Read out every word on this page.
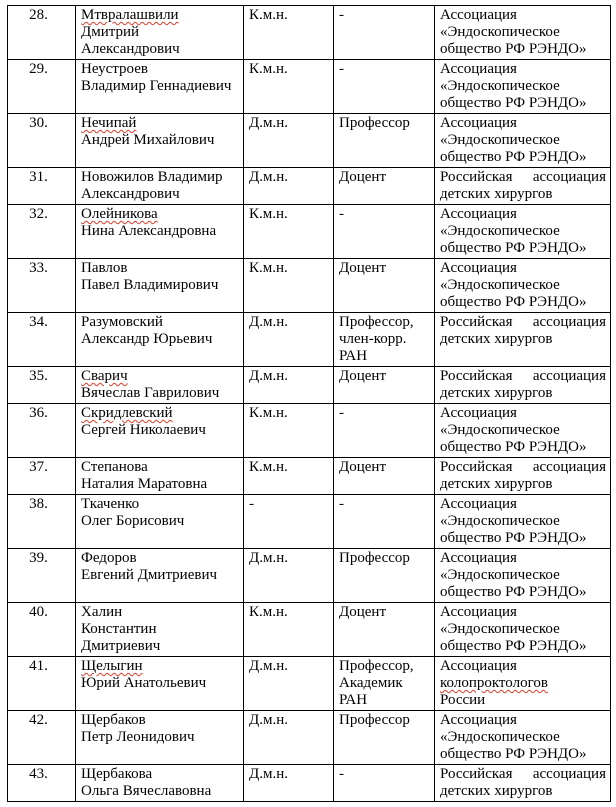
28.	Мтвралашвили
Дмитрий
Александрович	К.м.н.	-	Ассоциация
«Эндоскопическое
общество РФ РЭНДО»

29.	Неустроев
Владимир Геннадиевич	К.м.н.	-	Ассоциация
«Эндоскопическое
общество РФ РЭНДО»

30.	Нечипай
Андрей Михайлович	Д.м.н.	Профессор	Ассоциация
«Эндоскопическое
общество РФ РЭНДО»

31.	Новожилов Владимир
Александрович	Д.м.н.	Доцент	Российская ассоциация
детских хирургов

32.	Олейникова
Нина Александровна	К.м.н.	-	Ассоциация
«Эндоскопическое
общество РФ РЭНДО»

33.	Павлов
Павел Владимирович	К.м.н.	Доцент	Ассоциация
«Эндоскопическое
общество РФ РЭНДО»

34.	Разумовский
Александр Юрьевич	Д.м.н.	Профессор,
член-корр.
РАН	Российская ассоциация
детских хирургов

35.	Сварич
Вячеслав Гаврилович	Д.м.н.	Доцент	Российская ассоциация
детских хирургов

36.	Скридлевский
Сергей Николаевич	К.м.н.	-	Ассоциация
«Эндоскопическое
общество РФ РЭНДО»

37.	Степанова
Наталия Маратовна	К.м.н.	Доцент	Российская ассоциация
детских хирургов

38.	Ткаченко
Олег Борисович	-	-	Ассоциация
«Эндоскопическое
общество РФ РЭНДО»

39.	Федоров
Евгений Дмитриевич	Д.м.н.	Профессор	Ассоциация
«Эндоскопическое
общество РФ РЭНДО»

40.	Халин
Константин
Дмитриевич	К.м.н.	Доцент	Ассоциация
«Эндоскопическое
общество РФ РЭНДО»

41.	Щелыгин
Юрий Анатольевич	Д.м.н.	Профессор,
Академик
РАН	Ассоциация
колопроктологов
России

42.	Щербаков
Петр Леонидович	Д.м.н.	Профессор	Ассоциация
«Эндоскопическое
общество РФ РЭНДО»

43.	Щербакова
Ольга Вячеславовна	Д.м.н.	-	Российская ассоциация
детских хирургов
